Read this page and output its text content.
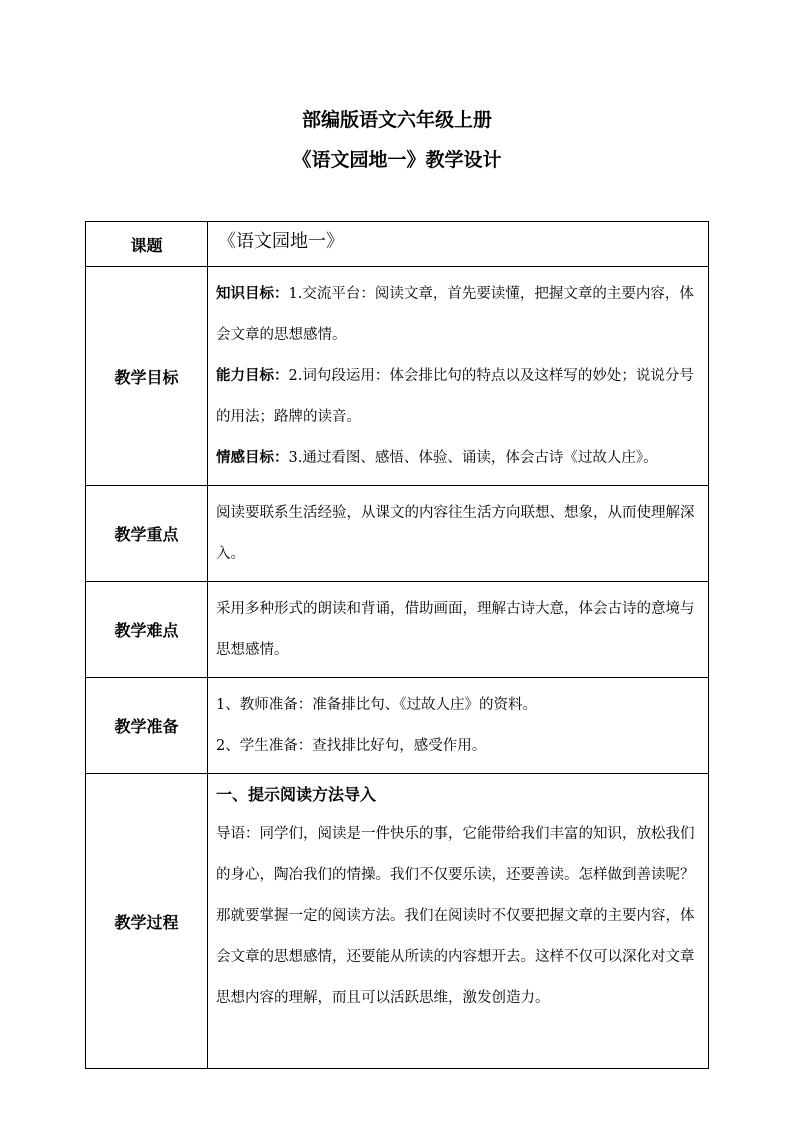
部编版语文六年级上册
《语文园地一》教学设计
课题	《语文园地一》

教学目标	知识目标：1.交流平台：阅读文章，首先要读懂，把握文章的主要内容，体会文章的思想感情。

能力目标：2.词句段运用：体会排比句的特点以及这样写的妙处；说说分号的用法；路牌的读音。

情感目标：3.通过看图、感悟、体验、诵读，体会古诗《过故人庄》。

教学重点	阅读要联系生活经验，从课文的内容往生活方向联想、想象，从而使理解深入。

教学难点	采用多种形式的朗读和背诵，借助画面，理解古诗大意，体会古诗的意境与思想感情。

教学准备	1、教师准备：准备排比句、《过故人庄》的资料。

2、学生准备：查找排比好句，感受作用。

教学过程	一、提示阅读方法导入

导语：同学们，阅读是一件快乐的事，它能带给我们丰富的知识，放松我们的身心，陶冶我们的情操。我们不仅要乐读，还要善读。怎样做到善读呢？那就要掌握一定的阅读方法。我们在阅读时不仅要把握文章的主要内容，体会文章的思想感情，还要能从所读的内容想开去。这样不仅可以深化对文章思想内容的理解，而且可以活跃思维，激发创造力。
